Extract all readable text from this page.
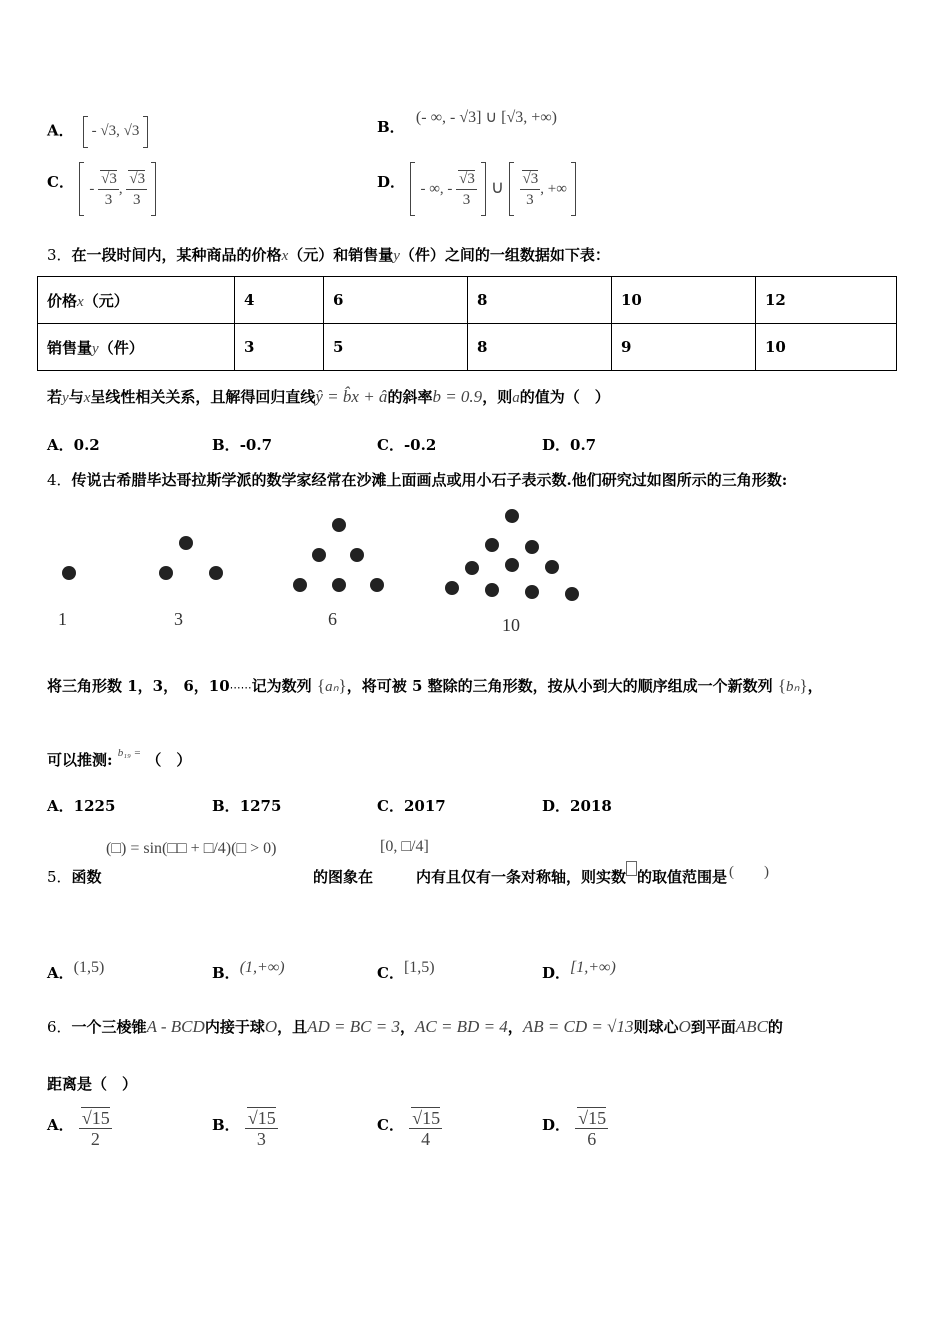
A． - √3, √3	B． (- ∞, - √3] ∪ [√3, +∞)
C．  - $\frac{√3}{3}$ , $\frac{√3}{3}$
	D．  - ∞, - $\frac{√3}{3}$ ∪ $\frac{√3}{3}$ , +∞
3．在一段时间内，某种商品的价格x（元）和销售量y（件）之间的一组数据如下表：
价格x（元）	4	6	8	10	12
销售量y（件）	3	5	8	9	10
若y与x呈线性相关关系，且解得回归直线ŷ = b̂x + â的斜率b = 0.9，则a的值为（　）
A．0.2	B．-0.7	C．-0.2	D．0.7
4．传说古希腊毕达哥拉斯学派的数学家经常在沙滩上面画点或用小石子表示数.他们研究过如图所示的三角形数:
1	3	6	10
将三角形数 1，3， 6，10⋯⋯记为数列 {aₙ}，将可被 5 整除的三角形数，按从小到大的顺序组成一个新数列 {bₙ}，
可以推测: b₁₉ = （　）
A．1225	B．1275	C．2017	D．2018
(□) = sin(□□ + □/4)(□ > 0)	[0, □/4]
5．函数	的图象在	内有且仅有一条对称轴，则实数 的取值范围是 (　　)
A．(1,5)	B．(1,+∞)	C．[1,5)	D．[1,+∞)
6．一个三棱锥A - BCD内接于球O，且AD = BC = 3，AC = BD = 4，AB = CD = √13则球心O到平面ABC的
距离是（　）
A． $\frac{√15}{2}$	B． $\frac{√15}{3}$	C． $\frac{√15}{4}$	D． $\frac{√15}{6}$
